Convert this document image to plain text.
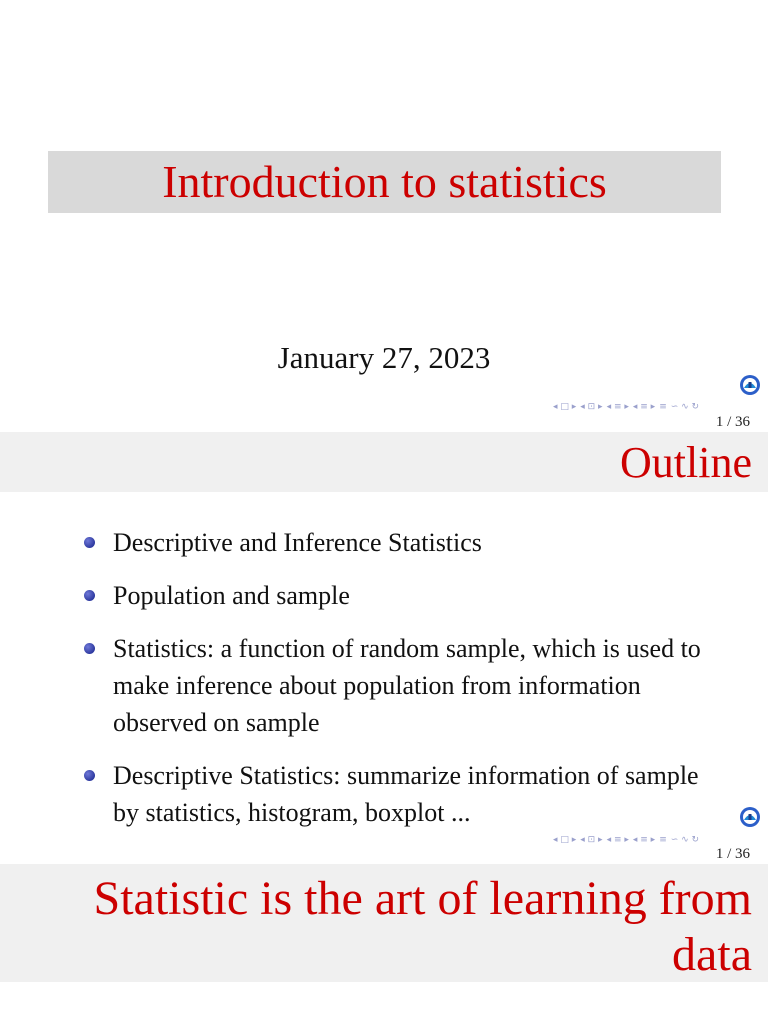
Introduction to statistics
January 27, 2023
◂ □ ▸ ◂ ⊡ ▸ ◂ ≡ ▸ ◂ ≡ ▸ ≡ ∽ ∿ ↻
1 / 36
Outline
Descriptive and Inference Statistics
Population and sample
Statistics: a function of random sample, which is used to make inference about population from information observed on sample
Descriptive Statistics: summarize information of sample by statistics, histogram, boxplot ...
◂ □ ▸ ◂ ⊡ ▸ ◂ ≡ ▸ ◂ ≡ ▸ ≡ ∽ ∿ ↻
1 / 36
Statistic is the art of learning from data
